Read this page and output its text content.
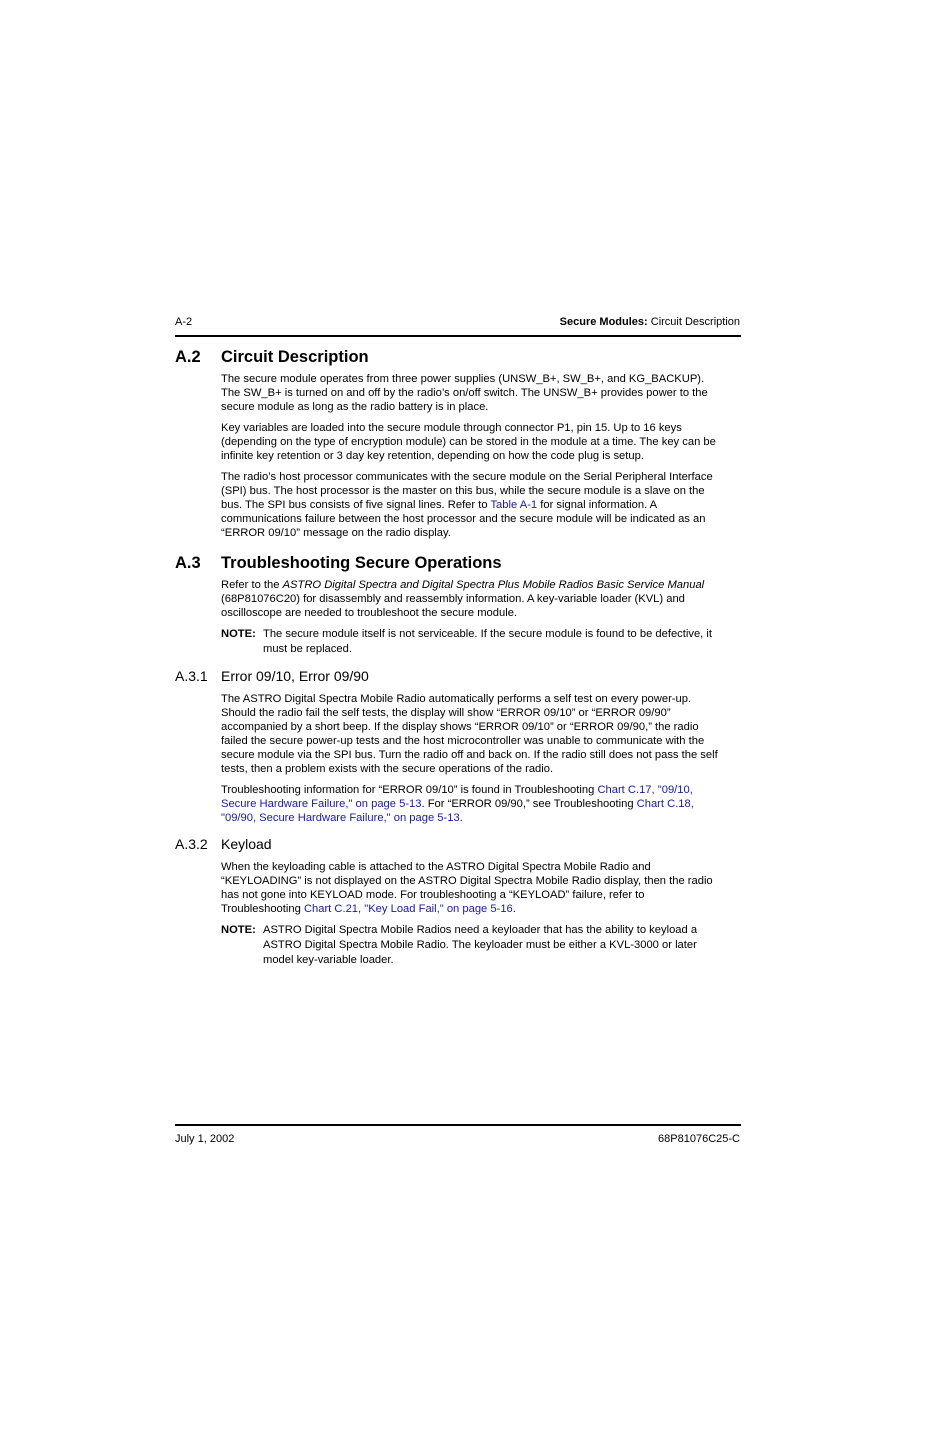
A-2	Secure Modules: Circuit Description
A.2 Circuit Description
The secure module operates from three power supplies (UNSW_B+, SW_B+, and KG_BACKUP).
The SW_B+ is turned on and off by the radio’s on/off switch. The UNSW_B+ provides power to the
secure module as long as the radio battery is in place.
Key variables are loaded into the secure module through connector P1, pin 15. Up to 16 keys
(depending on the type of encryption module) can be stored in the module at a time. The key can be
infinite key retention or 3 day key retention, depending on how the code plug is setup.
The radio’s host processor communicates with the secure module on the Serial Peripheral Interface
(SPI) bus. The host processor is the master on this bus, while the secure module is a slave on the
bus. The SPI bus consists of five signal lines. Refer to Table A-1 for signal information. A
communications failure between the host processor and the secure module will be indicated as an
“ERROR 09/10” message on the radio display.
A.3 Troubleshooting Secure Operations
Refer to the ASTRO Digital Spectra and Digital Spectra Plus Mobile Radios Basic Service Manual
(68P81076C20) for disassembly and reassembly information. A key-variable loader (KVL) and
oscilloscope are needed to troubleshoot the secure module.
NOTE: The secure module itself is not serviceable. If the secure module is found to be defective, it
must be replaced.
A.3.1 Error 09/10, Error 09/90
The ASTRO Digital Spectra Mobile Radio automatically performs a self test on every power-up.
Should the radio fail the self tests, the display will show “ERROR 09/10” or “ERROR 09/90”
accompanied by a short beep. If the display shows “ERROR 09/10” or “ERROR 09/90,” the radio
failed the secure power-up tests and the host microcontroller was unable to communicate with the
secure module via the SPI bus. Turn the radio off and back on. If the radio still does not pass the self
tests, then a problem exists with the secure operations of the radio.
Troubleshooting information for “ERROR 09/10” is found in Troubleshooting Chart C.17, "09/10,
Secure Hardware Failure," on page 5-13. For “ERROR 09/90,” see Troubleshooting Chart C.18,
"09/90, Secure Hardware Failure," on page 5-13.
A.3.2 Keyload
When the keyloading cable is attached to the ASTRO Digital Spectra Mobile Radio and
“KEYLOADING” is not displayed on the ASTRO Digital Spectra Mobile Radio display, then the radio
has not gone into KEYLOAD mode. For troubleshooting a “KEYLOAD” failure, refer to
Troubleshooting Chart C.21, "Key Load Fail," on page 5-16.
NOTE: ASTRO Digital Spectra Mobile Radios need a keyloader that has the ability to keyload a
ASTRO Digital Spectra Mobile Radio. The keyloader must be either a KVL-3000 or later
model key-variable loader.
July 1, 2002	68P81076C25-C
